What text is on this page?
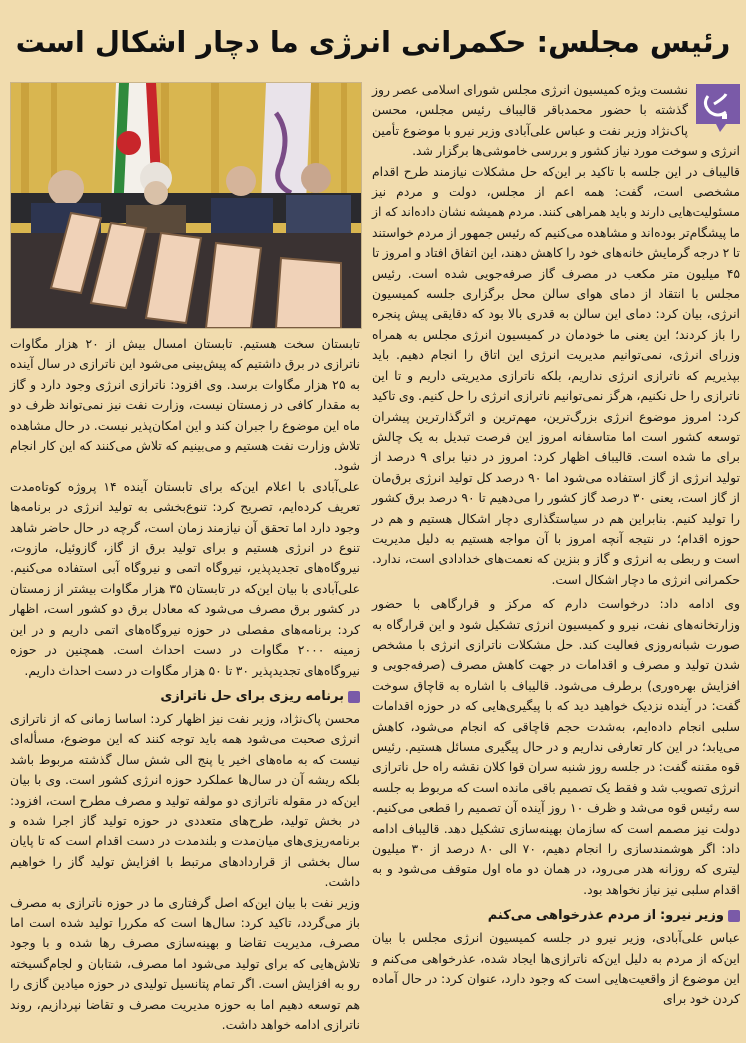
رئیس مجلس: حکمرانی انرژی ما دچار اشکال است

نشست ویژه کمیسیون انرژی مجلس شورای اسلامی عصر روز گذشته با حضور محمدباقر قالیباف رئیس مجلس، محسن پاک‌نژاد وزیر نفت و عباس علی‌آبادی وزیر نیرو با موضوع تأمین انرژی و سوخت مورد نیاز کشور و بررسی خاموشی‌ها برگزار شد.

قالیباف در این جلسه با تاکید بر این‌که حل مشکلات نیازمند طرح اقدام مشخصی است، گفت: همه اعم از مجلس، دولت و مردم نیز مسئولیت‌هایی دارند و باید همراهی کنند. مردم همیشه نشان داده‌اند که از ما پیشگام‌تر بوده‌اند و مشاهده می‌کنیم که رئیس جمهور از مردم خواستند تا ۲ درجه گرمایش خانه‌های خود را کاهش دهند، این اتفاق افتاد و امروز تا ۴۵ میلیون متر مکعب در مصرف گاز صرفه‌جویی شده است. رئیس مجلس با انتقاد از دمای هوای سالن محل برگزاری جلسه کمیسیون انرژی، بیان کرد: دمای این سالن به قدری بالا بود که دقایقی پیش پنجره را باز کردند؛ این یعنی ما خودمان در کمیسیون انرژی مجلس به همراه وزرای انرژی، نمی‌توانیم مدیریت انرژی این اتاق را انجام دهیم. باید بپذیریم که ناترازی انرژی نداریم، بلکه ناترازی مدیریتی داریم و تا این ناترازی را حل نکنیم، هرگز نمی‌توانیم ناترازی انرژی را حل کنیم. وی تاکید کرد: امروز موضوع انرژی بزرگ‌ترین، مهم‌ترین و اثرگذارترین پیشران توسعه کشور است اما متاسفانه امروز این فرصت تبدیل به یک چالش برای ما شده است. قالیباف اظهار کرد: امروز در دنیا برای ۹ درصد از تولید انرژی از گاز استفاده می‌شود اما ۹۰ درصد کل تولید انرژی برق‌مان از گاز است، یعنی ۳۰ درصد گاز کشور را می‌دهیم تا ۹۰ درصد برق کشور را تولید کنیم. بنابراین هم در سیاستگذاری دچار اشکال هستیم و هم در حوزه اقدام؛ در نتیجه آنچه امروز با آن مواجه هستیم به دلیل مدیریت است و ربطی به انرژی و گاز و بنزین که نعمت‌های خدادادی است، ندارد. حکمرانی انرژی ما دچار اشکال است.

وی ادامه داد: درخواست دارم که مرکز و قرارگاهی با حضور وزارتخانه‌های نفت، نیرو و کمیسیون انرژی تشکیل شود و این قرارگاه به صورت شبانه‌روزی فعالیت کند. حل مشکلات ناترازی انرژی با مشخص شدن تولید و مصرف و اقدامات در جهت کاهش مصرف (صرفه‌جویی و افزایش بهره‌وری) برطرف می‌شود. قالیباف با اشاره به قاچاق سوخت گفت: در آینده نزدیک خواهید دید که با پیگیری‌هایی که در حوزه اقدامات سلبی انجام داده‌ایم، به‌شدت حجم قاچاقی که انجام می‌شود، کاهش می‌یابد؛ در این کار تعارفی نداریم و در حال پیگیری مسائل هستیم. رئیس قوه مقننه گفت: در جلسه روز شنبه سران قوا کلان نقشه راه حل ناترازی انرژی تصویب شد و فقط یک تصمیم باقی مانده است که مربوط به جلسه سه رئیس قوه می‌شد و ظرف ۱۰ روز آینده آن تصمیم را قطعی می‌کنیم. دولت نیز مصمم است که سازمان بهینه‌سازی تشکیل دهد. قالیباف ادامه داد: اگر هوشمندسازی را انجام دهیم، ۷۰ الی ۸۰ درصد از ۳۰ میلیون لیتری که روزانه هدر می‌رود، در همان دو ماه اول متوقف می‌شود و به اقدام سلبی نیز نیاز نخواهد بود.

وزیر نیرو: از مردم عذرخواهی می‌کنم

عباس علی‌آبادی، وزیر نیرو در جلسه کمیسیون انرژی مجلس با بیان این‌که از مردم به دلیل این‌که ناترازی‌ها ایجاد شده، عذرخواهی می‌کنم و این موضوع از واقعیت‌هایی است که وجود دارد، عنوان کرد: در حال آماده کردن خود برای

تابستان سخت هستیم. تابستان امسال بیش از ۲۰ هزار مگاوات ناترازی در برق داشتیم که پیش‌بینی می‌شود این ناترازی در سال آینده به ۲۵ هزار مگاوات برسد. وی افزود: ناترازی انرژی وجود دارد و گاز به مقدار کافی در زمستان نیست، وزارت نفت نیز نمی‌تواند ظرف دو ماه این موضوع را جبران کند و این امکان‌پذیر نیست. در حال مشاهده تلاش وزارت نفت هستیم و می‌بینیم که تلاش می‌کنند که این کار انجام شود.

علی‌آبادی با اعلام این‌که برای تابستان آینده ۱۴ پروژه کوتاه‌مدت تعریف کرده‌ایم، تصریح کرد: تنوع‌بخشی به تولید انرژی در برنامه‌ها وجود دارد اما تحقق آن نیازمند زمان است، گرچه در حال حاضر شاهد تنوع در انرژی هستیم و برای تولید برق از گاز، گازوئیل، مازوت، نیروگاه‌های تجدیدپذیر، نیروگاه اتمی و نیروگاه آبی استفاده می‌کنیم. علی‌آبادی با بیان این‌که در تابستان ۳۵ هزار مگاوات بیشتر از زمستان در کشور برق مصرف می‌شود که معادل برق دو کشور است، اظهار کرد: برنامه‌های مفصلی در حوزه نیروگاه‌های اتمی داریم و در این زمینه ۲۰۰۰ مگاوات در دست احداث است. همچنین در حوزه نیروگاه‌های تجدیدپذیر ۳۰ تا ۵۰ هزار مگاوات در دست احداث داریم.

برنامه ریزی برای حل ناترازی

محسن پاک‌نژاد، وزیر نفت نیز اظهار کرد: اساسا زمانی که از ناترازی انرژی صحبت می‌شود همه باید توجه کنند که این موضوع، مسأله‌ای نیست که به ماه‌های اخیر یا پنج الی شش سال گذشته مربوط باشد بلکه ریشه آن در سال‌ها عملکرد حوزه انرژی کشور است. وی با بیان این‌که در مقوله ناترازی دو مولفه تولید و مصرف مطرح است، افزود: در بخش تولید، طرح‌های متعددی در حوزه تولید گاز اجرا شده و برنامه‌ریزی‌های میان‌مدت و بلندمدت در دست اقدام است که تا پایان سال بخشی از قراردادهای مرتبط با افزایش تولید گاز را خواهیم داشت.

وزیر نفت با بیان این‌که اصل گرفتاری ما در حوزه ناترازی به مصرف باز می‌گردد، تاکید کرد: سال‌ها است که مکررا تولید شده است اما مصرف، مدیریت تقاضا و بهینه‌سازی مصرف رها شده و با وجود تلاش‌هایی که برای تولید می‌شود اما مصرف، شتابان و لجام‌گسیخته رو به افزایش است. اگر تمام پتانسیل تولیدی در حوزه میادین گازی را هم توسعه دهیم اما به حوزه مدیریت مصرف و تقاضا نپردازیم، روند ناترازی ادامه خواهد داشت.
